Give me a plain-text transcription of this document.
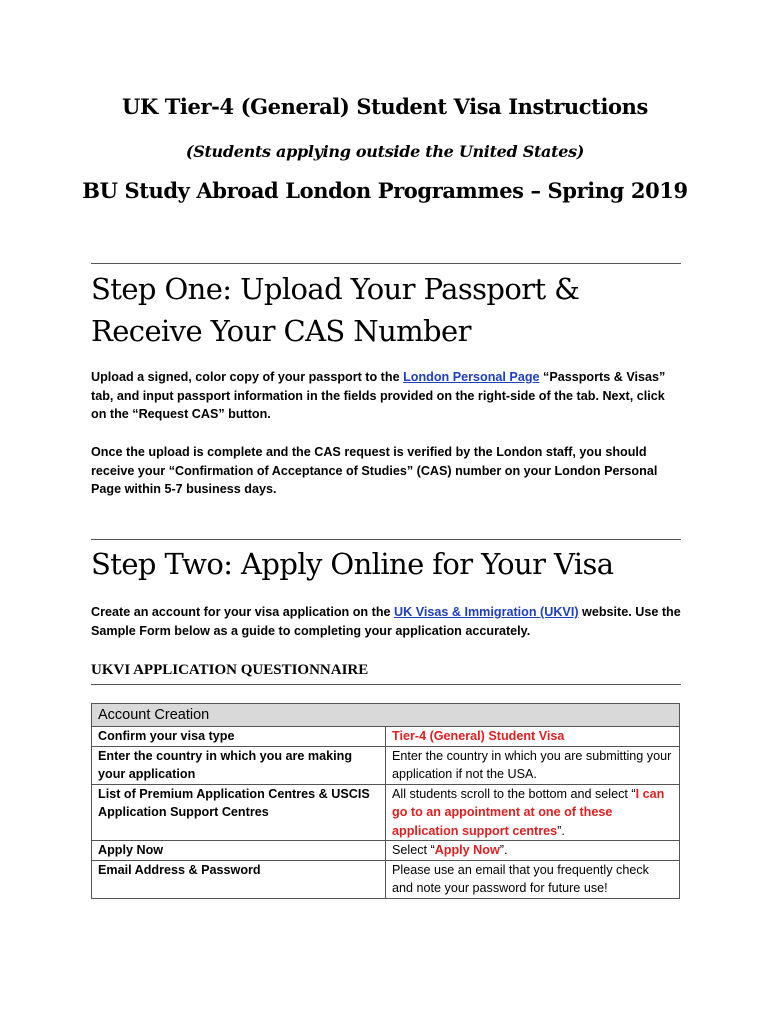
UK Tier-4 (General) Student Visa Instructions
(Students applying outside the United States)
BU Study Abroad London Programmes – Spring 2019
Step One: Upload Your Passport &
Receive Your CAS Number
Upload a signed, color copy of your passport to the London Personal Page “Passports & Visas” tab, and input passport information in the fields provided on the right-side of the tab. Next, click on the “Request CAS” button.
Once the upload is complete and the CAS request is verified by the London staff, you should receive your “Confirmation of Acceptance of Studies” (CAS) number on your London Personal Page within 5-7 business days.
Step Two: Apply Online for Your Visa
Create an account for your visa application on the UK Visas & Immigration (UKVI) website. Use the Sample Form below as a guide to completing your application accurately.
UKVI APPLICATION QUESTIONNAIRE
Account Creation	
Confirm your visa type	Tier-4 (General) Student Visa
Enter the country in which you are making your application	Enter the country in which you are submitting your application if not the USA.
List of Premium Application Centres & USCIS Application Support Centres	All students scroll to the bottom and select “I can go to an appointment at one of these application support centres”.
Apply Now	Select “Apply Now”.
Email Address & Password	Please use an email that you frequently check and note your password for future use!
